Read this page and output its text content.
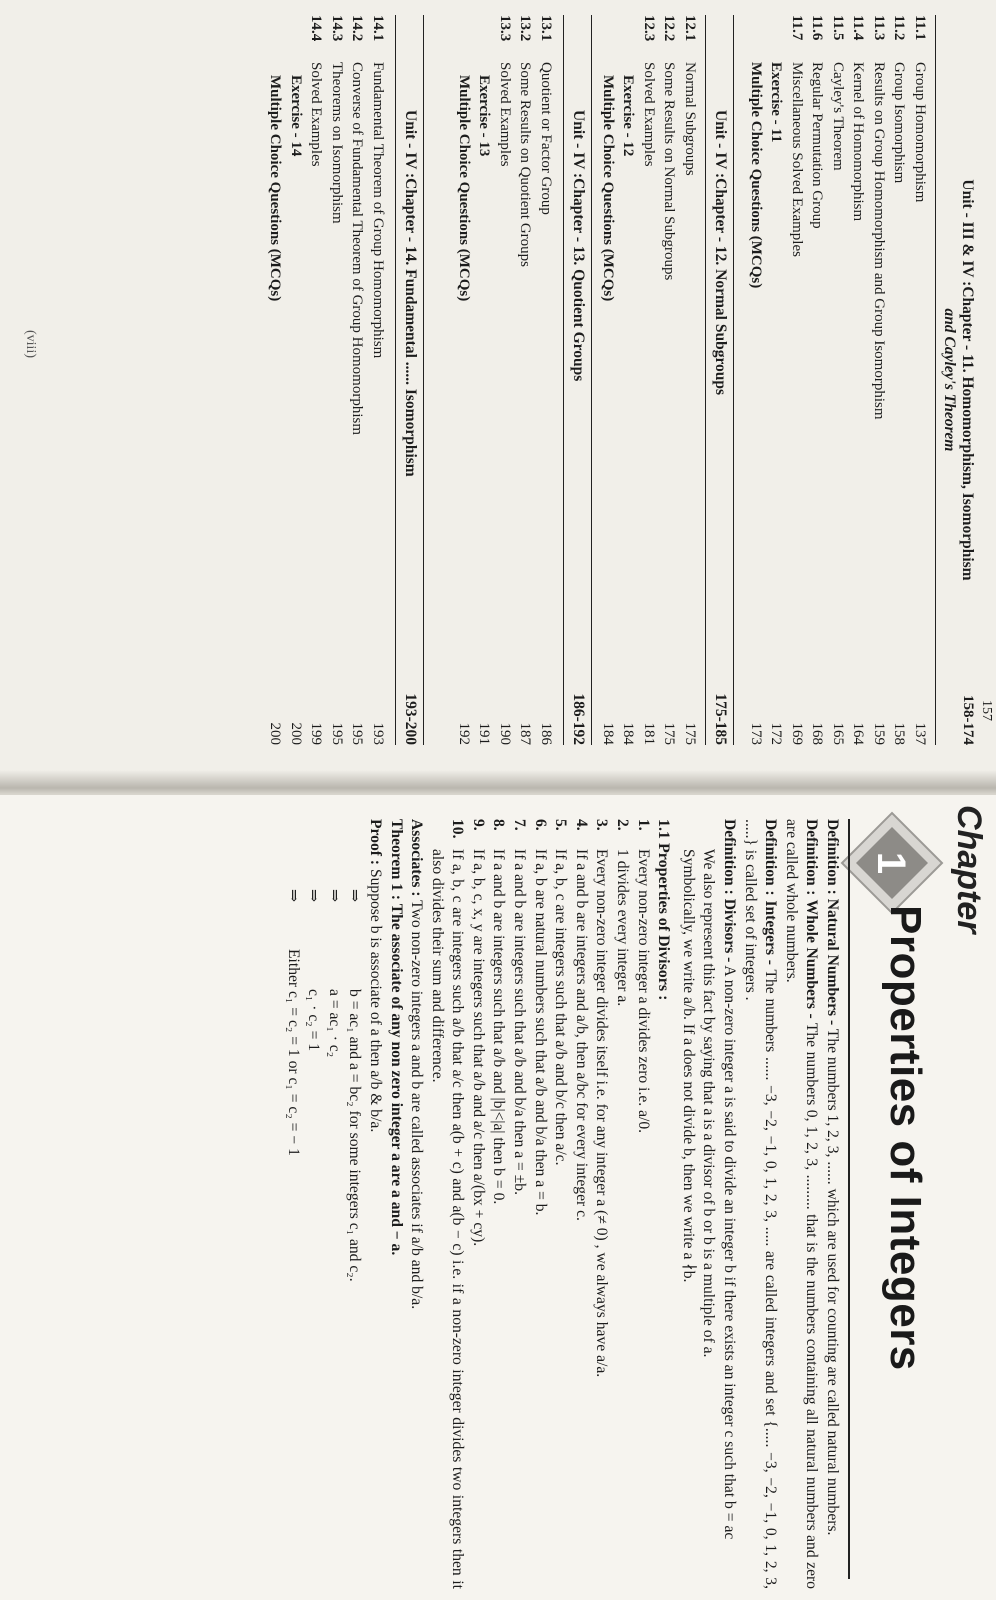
157
Unit - III & IV :Chapter - 11. Homomorphism, Isomorphism
and Cayley's Theorem
158-174
11.1
Group Homomorphism
137
11.2
Group Isomorphism
158
11.3
Results on Group Homomorphism and Group Isomorphism
159
11.4
Kernel of Homomorphism
164
11.5
Cayley's Theorem
165
11.6
Regular Permutation Group
168
11.7
Miscellaneous Solved Examples
169
Exercise - 11
172
Multiple Choice Questions (MCQs)
173
Unit - IV :Chapter - 12. Normal Subgroups
175-185
12.1
Normal Subgroups
175
12.2
Some Results on Normal Subgroups
175
12.3
Solved Examples
181
Exercise - 12
184
Multiple Choice Questions (MCQs)
184
Unit - IV :Chapter - 13. Quotient Groups
186-192
13.1
Quotient or Factor Group
186
13.2
Some Results on Quotient Groups
187
13.3
Solved Examples
190
Exercise - 13
191
Multiple Choice Questions (MCQs)
192
Unit - IV :Chapter - 14. Fundamental ...... Isomorphism
193-200
14.1
Fundamental Theorem of Group Homomorphism
193
14.2
Converse of Fundamental Theorem of Group Homomorphism
195
14.3
Theorems on Isomorphism
195
14.4
Solved Examples
199
Exercise - 14
200
Multiple Choice Questions (MCQs)
200
(viii)
Chapter
1
Properties of Integers

Definition : Natural Numbers - The numbers 1, 2, 3, ...... which are used for counting are called natural numbers.

Definition : Whole Numbers - The numbers 0, 1, 2, 3, ......... that is the numbers containing all natural numbers and zero are called whole numbers.

Definition : Integers - The numbers ...... −3, −2, −1, 0, 1, 2, 3, ..... are called integers and set {..... −3, −2, −1, 0, 1, 2, 3, .....} is called set of integers .

Definition : Divisors - A non-zero integer a is said to divide an integer b if there exists an integer c such that b = ac

We also represent this fact by saying that a is a divisor of b or b is a multiple of a.

Symbolically, we write a/b. If a does not divide b, then we write a ∤b.

1.1 Properties of Divisors :

1.
Every non-zero integer a divides zero i.e. a/0.
2.
1 divides every integer a.
3.
Every non-zero integer divides itself i.e. for any integer a (≠ 0) , we always have a/a.
4.
If a and b are integers and a/b, then a/bc for every integer c.
5.
If a, b, c are integers such that a/b and b/c then a/c.
6.
If a, b are natural numbers such that a/b and b/a then a = b.
7.
If a and b are integers such that a/b and b/a then a = ±b.
8.
If a and b are integers such that a/b and |b|<|a| then b = 0.
9.
If a, b, c, x, y are integers such that a/b and a/c then a/(bx + cy).
10.
If a, b, c are integers such a/b that a/c then a(b + c) and a(b − c) i.e. if a non-zero integer divides two integers then it also divides their sum and difference.

Associates : Two non-zero integers a and b are called associates if a/b and b/a.

Theorem 1 : The associate of any non zero integer a are a and − a.

Proof : Suppose b is associate of a then a/b & b/a.

⇒b = ac₁ and a = bc₂ for some integers c₁ and c₂.

⇒a = ac₁ · c₂

⇒c₁ · c₂ = 1

⇒Either c₁ = c₂ = 1 or c₁ = c₂ = − 1
